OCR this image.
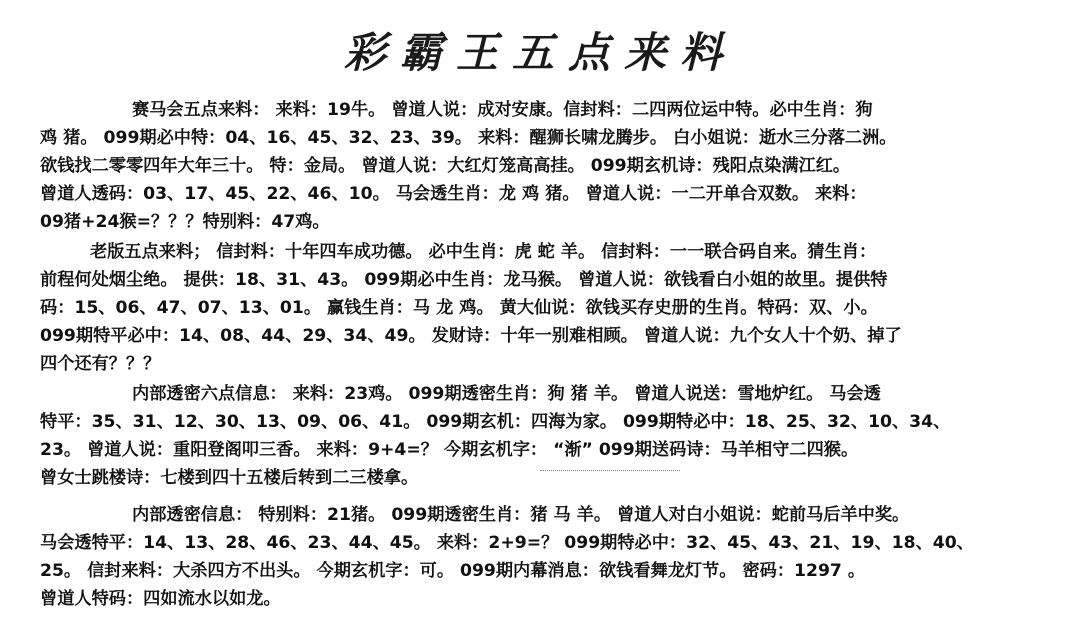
彩霸王五点来料
赛马会五点来料： 来料：19牛。 曾道人说：成对安康。信封料：二四两位运中特。必中生肖：狗
鸡 猪。 099期必中特：04、16、45、32、23、39。 来料：醒狮长啸龙腾步。 白小姐说：逝水三分落二洲。
欲钱找二零零四年大年三十。 特：金局。 曾道人说：大红灯笼高高挂。 099期玄机诗：残阳点染满江红。
曾道人透码：03、17、45、22、46、10。 马会透生肖：龙 鸡 猪。 曾道人说：一二开单合双数。 来料：
09猪+24猴=？？？特别料：47鸡。
老版五点来料； 信封料：十年四车成功德。 必中生肖：虎 蛇 羊。 信封料：一一联合码自来。猜生肖：
前程何处烟尘绝。 提供：18、31、43。 099期必中生肖：龙马猴。 曾道人说：欲钱看白小姐的故里。提供特
码：15、06、47、07、13、01。 赢钱生肖：马 龙 鸡。 黄大仙说：欲钱买存史册的生肖。特码：双、小。
099期特平必中：14、08、44、29、34、49。 发财诗：十年一别难相顾。 曾道人说：九个女人十个奶、掉了
四个还有？？？
内部透密六点信息： 来料：23鸡。 099期透密生肖：狗 猪 羊。 曾道人说送：雪地炉红。 马会透
特平：35、31、12、30、13、09、06、41。 099期玄机：四海为家。 099期特必中：18、25、32、10、34、
23。 曾道人说：重阳登阁叩三香。 来料：9+4=？ 今期玄机字： “渐” 099期送码诗：马羊相守二四猴。
曾女士跳楼诗：七楼到四十五楼后转到二三楼拿。
内部透密信息： 特别料：21猪。 099期透密生肖：猪 马 羊。 曾道人对白小姐说：蛇前马后羊中奖。
马会透特平：14、13、28、46、23、44、45。 来料：2+9=？ 099期特必中：32、45、43、21、19、18、40、
25。 信封来料：大杀四方不出头。 今期玄机字：可。 099期内幕消息：欲钱看舞龙灯节。 密码：1297 。
曾道人特码：四如流水以如龙。
